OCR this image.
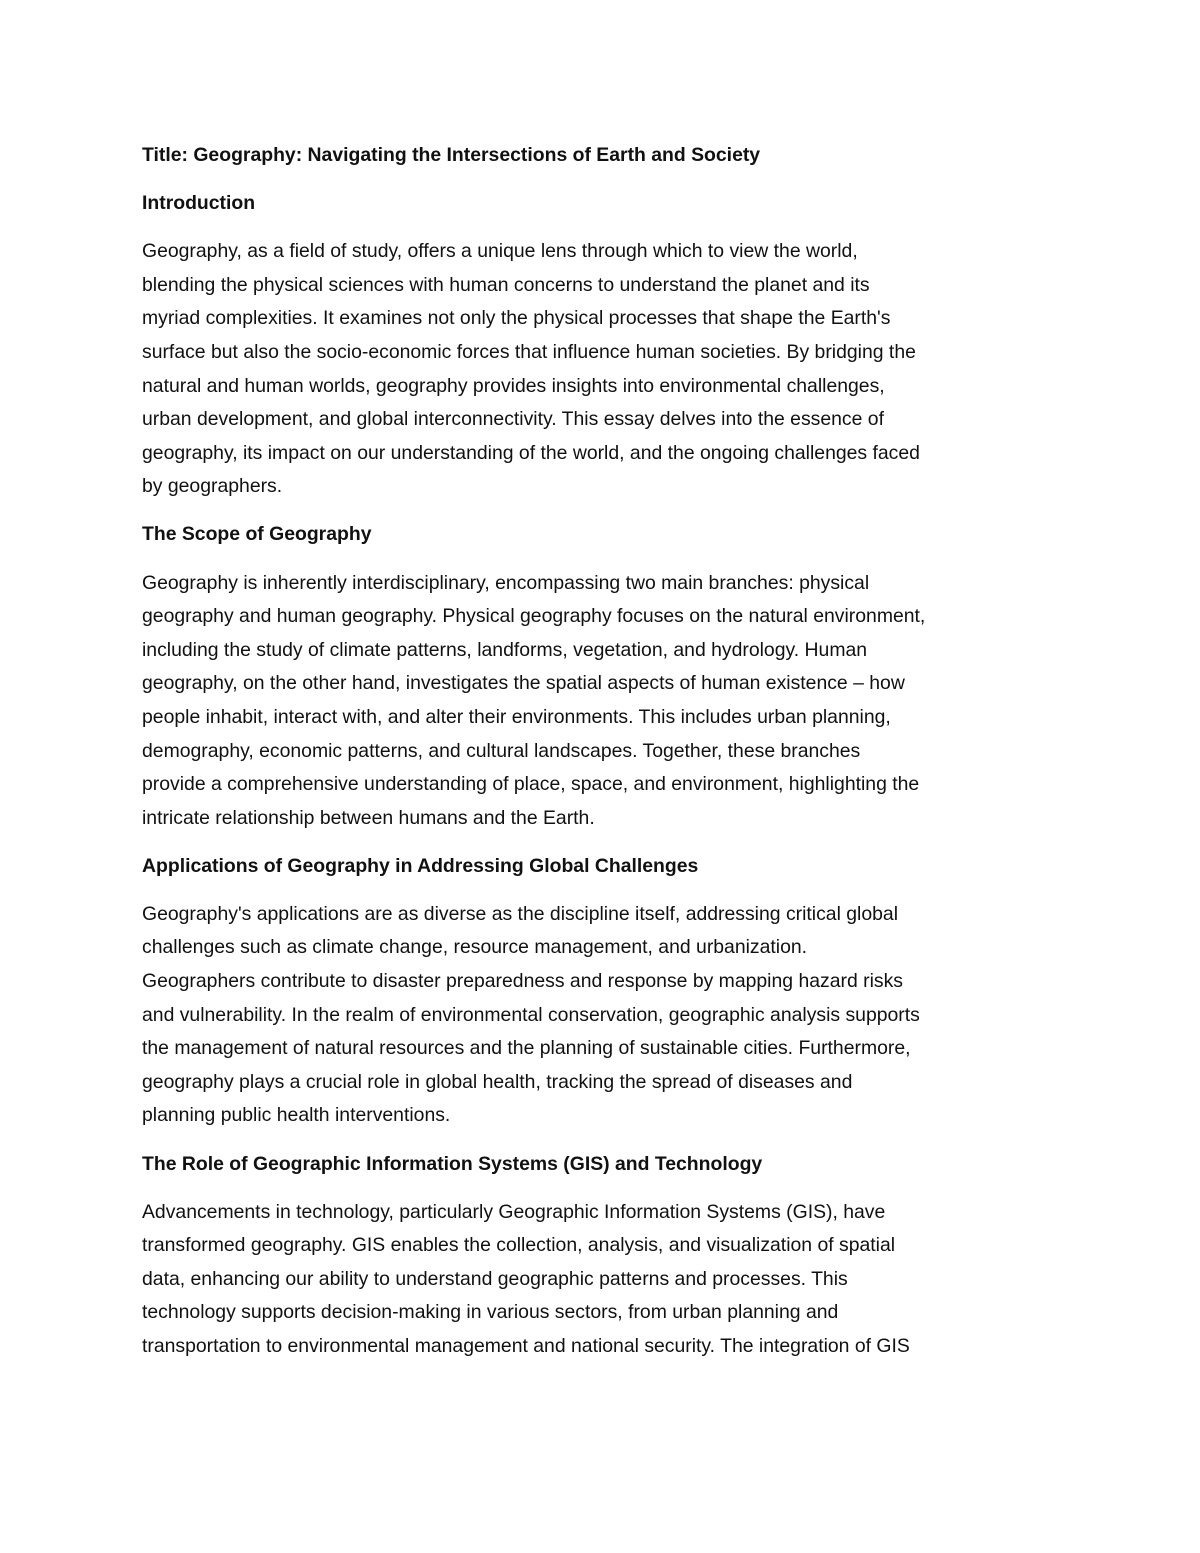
Title: Geography: Navigating the Intersections of Earth and Society
Introduction
Geography, as a field of study, offers a unique lens through which to view the world,
blending the physical sciences with human concerns to understand the planet and its
myriad complexities. It examines not only the physical processes that shape the Earth's
surface but also the socio-economic forces that influence human societies. By bridging the
natural and human worlds, geography provides insights into environmental challenges,
urban development, and global interconnectivity. This essay delves into the essence of
geography, its impact on our understanding of the world, and the ongoing challenges faced
by geographers.
The Scope of Geography
Geography is inherently interdisciplinary, encompassing two main branches: physical
geography and human geography. Physical geography focuses on the natural environment,
including the study of climate patterns, landforms, vegetation, and hydrology. Human
geography, on the other hand, investigates the spatial aspects of human existence – how
people inhabit, interact with, and alter their environments. This includes urban planning,
demography, economic patterns, and cultural landscapes. Together, these branches
provide a comprehensive understanding of place, space, and environment, highlighting the
intricate relationship between humans and the Earth.
Applications of Geography in Addressing Global Challenges
Geography's applications are as diverse as the discipline itself, addressing critical global
challenges such as climate change, resource management, and urbanization.
Geographers contribute to disaster preparedness and response by mapping hazard risks
and vulnerability. In the realm of environmental conservation, geographic analysis supports
the management of natural resources and the planning of sustainable cities. Furthermore,
geography plays a crucial role in global health, tracking the spread of diseases and
planning public health interventions.
The Role of Geographic Information Systems (GIS) and Technology
Advancements in technology, particularly Geographic Information Systems (GIS), have
transformed geography. GIS enables the collection, analysis, and visualization of spatial
data, enhancing our ability to understand geographic patterns and processes. This
technology supports decision-making in various sectors, from urban planning and
transportation to environmental management and national security. The integration of GIS
